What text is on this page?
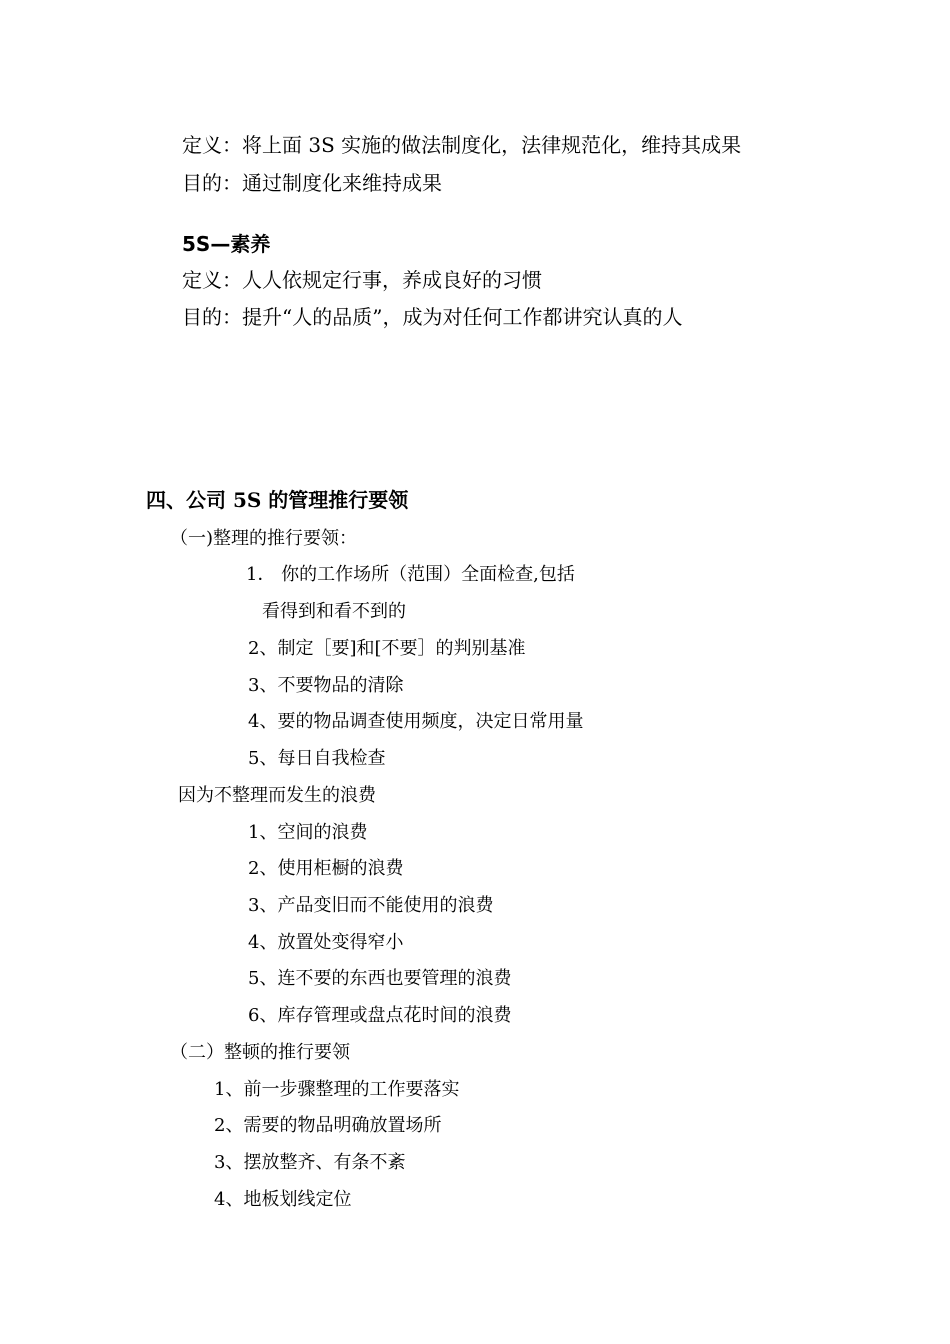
定义：将上面 3S 实施的做法制度化，法律规范化，维持其成果
目的：通过制度化来维持成果
5S—素养
定义：人人依规定行事，养成良好的习惯
目的：提升“人的品质”，成为对任何工作都讲究认真的人
四、公司 5S 的管理推行要领
（一)整理的推行要领：
1． 你的工作场所（范围）全面检查,包括
看得到和看不到的
2、制定［要]和[不要］的判别基准
3、不要物品的清除
4、要的物品调查使用频度，决定日常用量
5、每日自我检查
因为不整理而发生的浪费
1、空间的浪费
2、使用柜橱的浪费
3、产品变旧而不能使用的浪费
4、放置处变得窄小
5、连不要的东西也要管理的浪费
6、库存管理或盘点花时间的浪费
（二）整顿的推行要领
1、前一步骤整理的工作要落实
2、需要的物品明确放置场所
3、摆放整齐、有条不紊
4、地板划线定位
